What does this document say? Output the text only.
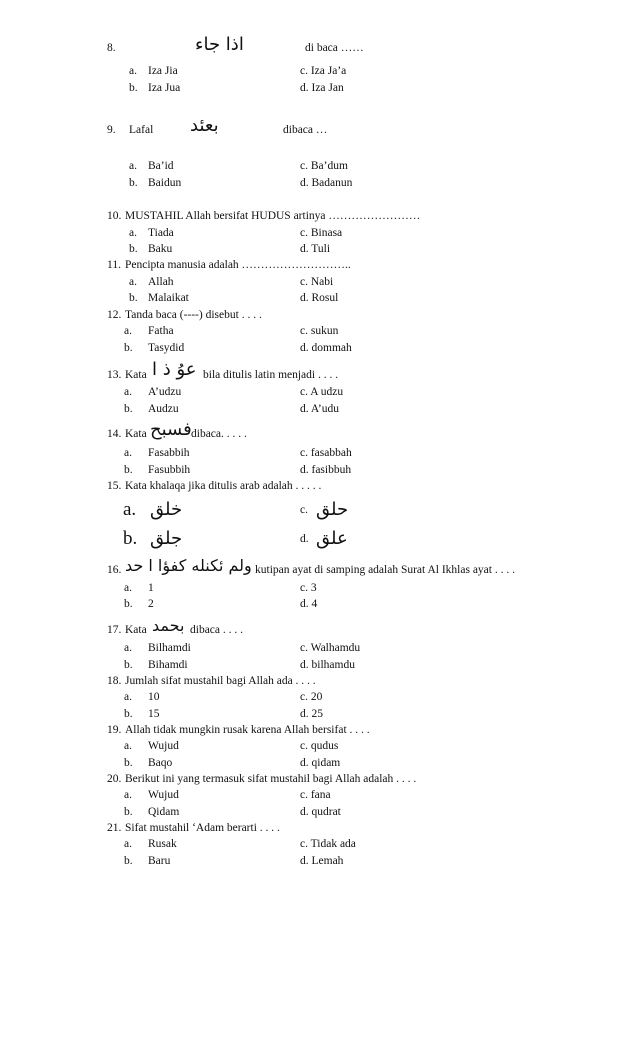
8.	اذا جاء	di baca ……
a. Iza Jia	c. Iza Ja’a
b. Iza Jua	d. Iza Jan
9. Lafal بعئد	dibaca …
a. Ba’id	c. Ba’dum
b. Baidun	d. Badanun
10. MUSTAHIL Allah bersifat HUDUS artinya ……………………
a. Tiada	c. Binasa
b. Baku	d. Tuli
11. Pencipta manusia adalah ………………………..
a. Allah	c. Nabi
b. Malaikat	d. Rosul
12. Tanda baca (----) disebut . . . .
a. Fatha	c. sukun
b. Tasydid	d. dommah
13. Kata عوُ ذ ا bila ditulis latin menjadi . . . .
a. A’udzu	c. A udzu
b. Audzu	d. A’udu
14. Kata فسبح dibaca. . . . .
a. Fasabbih	c. fasabbah
b. Fasubbih	d. fasibbuh
15. Kata khalaqa jika ditulis arab adalah . . . . .
a. خلق	c. حلق
b. جلق	d. علق
16. ولم ئكنله كفؤا ا حد kutipan ayat di samping adalah Surat Al Ikhlas ayat . . . .
a. 1	c. 3
b. 2	d. 4
17. Kata بحمد dibaca . . . .
a. Bilhamdi	c. Walhamdu
b. Bihamdi	d. bilhamdu
18. Jumlah sifat mustahil bagi Allah ada . . . .
a. 10	c. 20
b. 15	d. 25
19. Allah tidak mungkin rusak karena Allah bersifat . . . .
a. Wujud	c. qudus
b. Baqo	d. qidam
20. Berikut ini yang termasuk sifat mustahil bagi Allah adalah . . . .
a. Wujud	c. fana
b. Qidam	d. qudrat
21. Sifat mustahil ‘Adam berarti . . . .
a. Rusak	c. Tidak ada
b. Baru	d. Lemah
